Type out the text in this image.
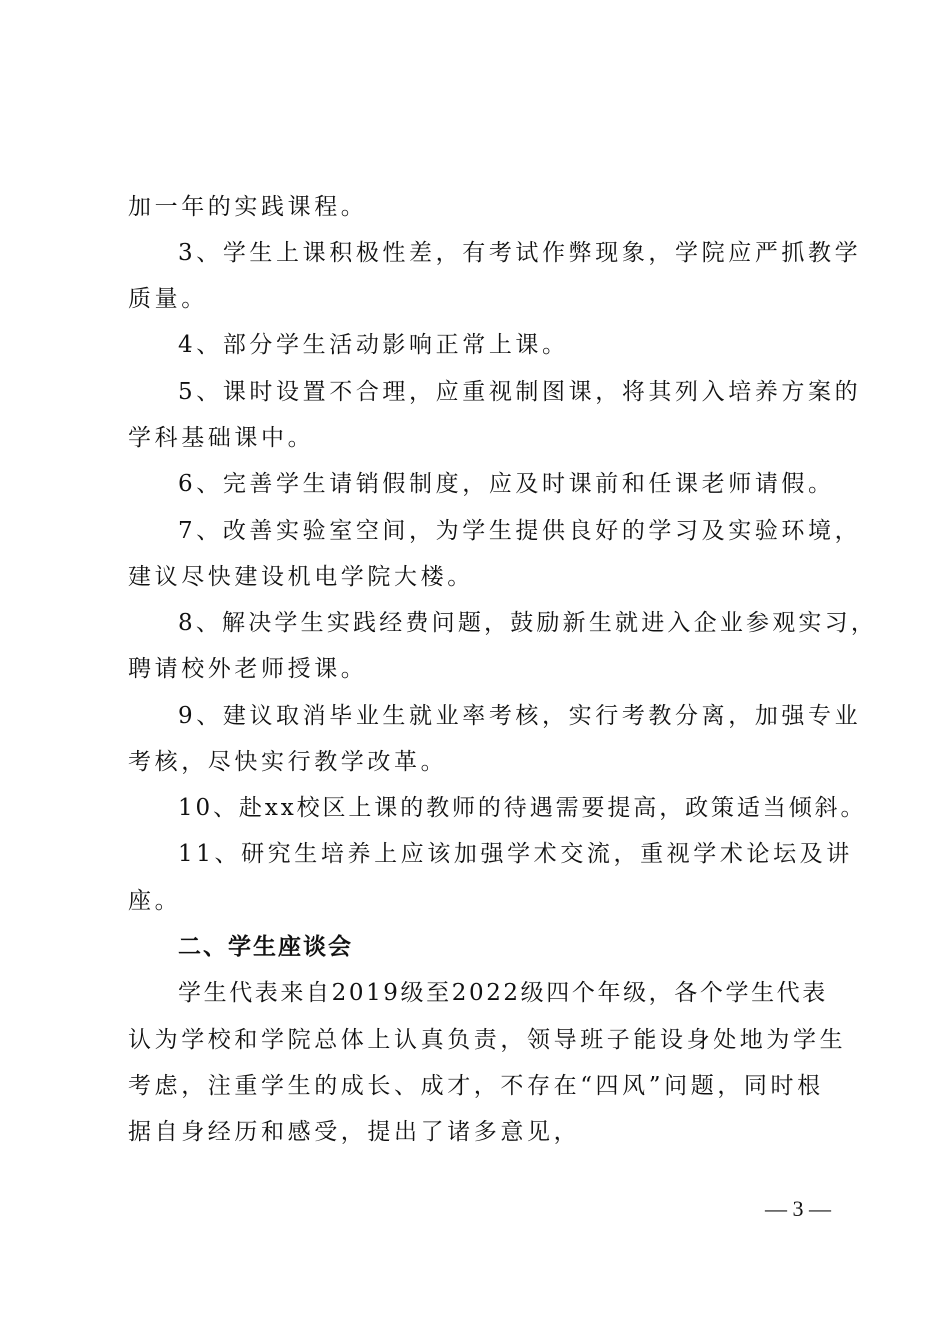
加一年的实践课程。
3、学生上课积极性差，有考试作弊现象，学院应严抓教学
质量。
4、部分学生活动影响正常上课。
5、课时设置不合理，应重视制图课，将其列入培养方案的
学科基础课中。
6、完善学生请销假制度，应及时课前和任课老师请假。
7、改善实验室空间，为学生提供良好的学习及实验环境，
建议尽快建设机电学院大楼。
8、解决学生实践经费问题，鼓励新生就进入企业参观实习，
聘请校外老师授课。
9、建议取消毕业生就业率考核，实行考教分离，加强专业
考核，尽快实行教学改革。
10、赴xx校区上课的教师的待遇需要提高，政策适当倾斜。
11、研究生培养上应该加强学术交流，重视学术论坛及讲
座。
二、学生座谈会
学生代表来自2019级至2022级四个年级，各个学生代表
认为学校和学院总体上认真负责，领导班子能设身处地为学生
考虑，注重学生的成长、成才，不存在“四风”问题，同时根
据自身经历和感受，提出了诸多意见，
— 3 —
